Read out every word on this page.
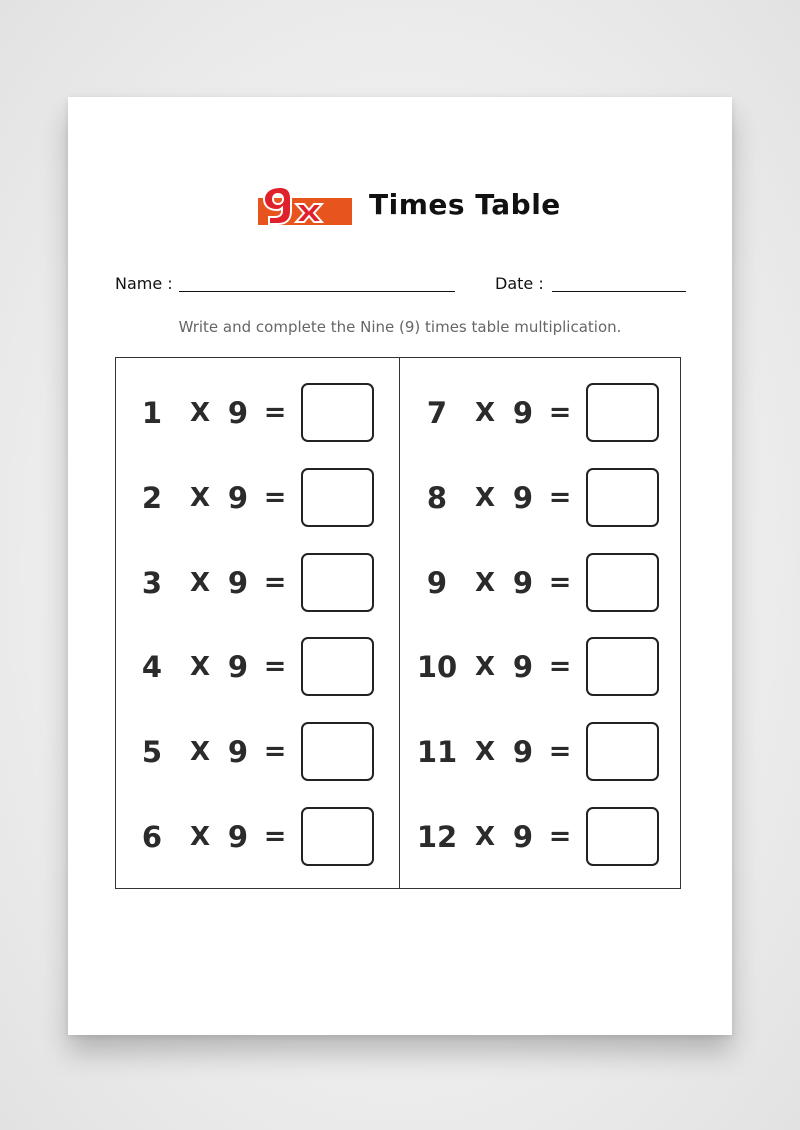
Times Table
Name :	Date :
Write and complete the Nine (9) times table multiplication.
1	X 9 =
2	X 9 =
3	X 9 =
4	X 9 =
5	X 9 =
6	X 9 =
7	X 9 =
8	X 9 =
9	X 9 =
10 X 9 =
11 X 9 =
12 X 9 =
